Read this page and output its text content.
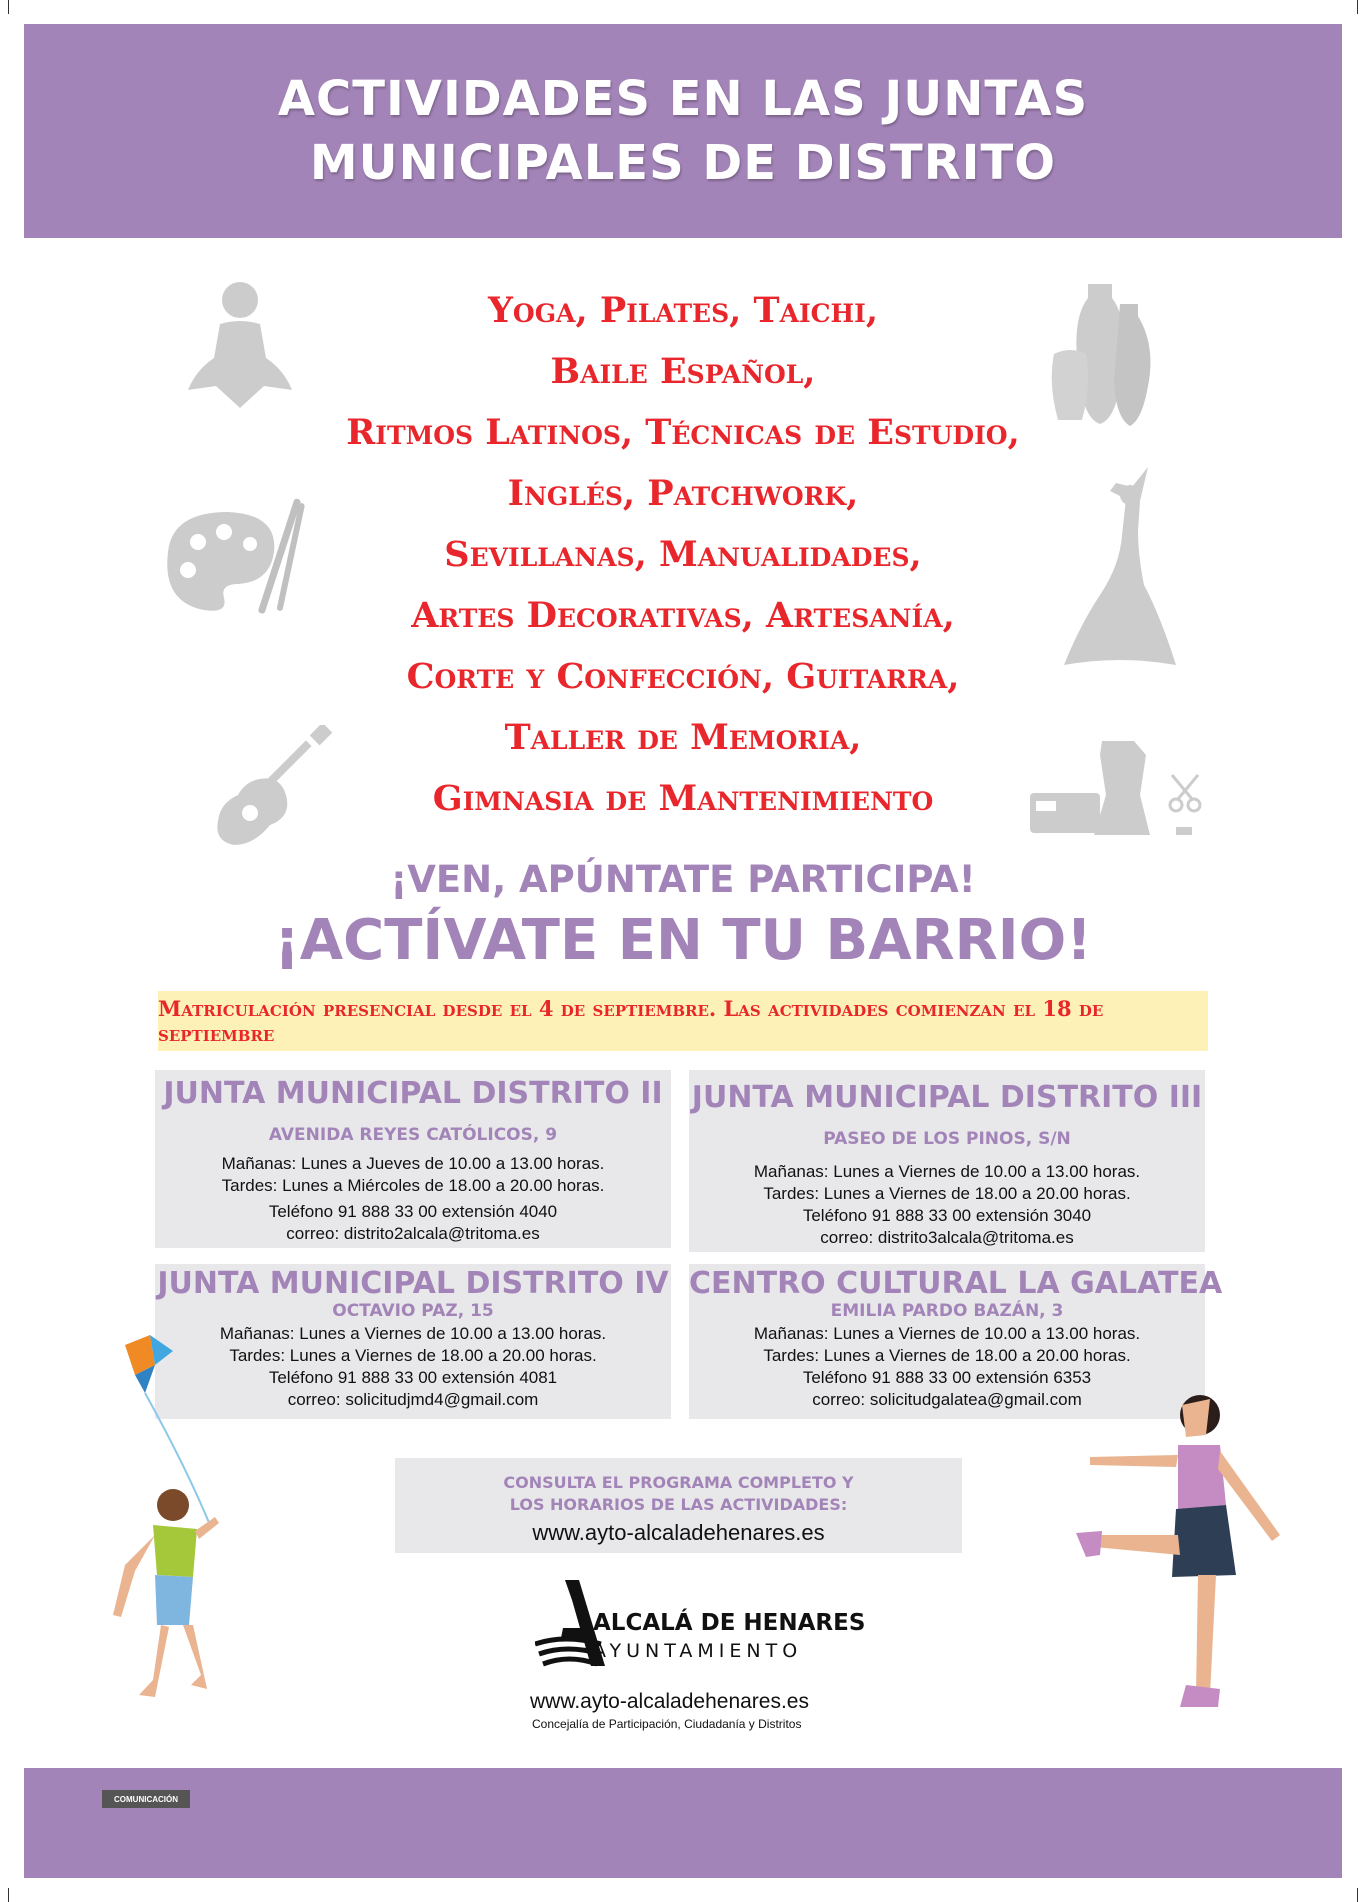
ACTIVIDADES EN LAS JUNTAS
MUNICIPALES DE DISTRITO
Yoga, Pilates, Taichi,
Baile Español,
Ritmos Latinos, Técnicas de Estudio,
Inglés, Patchwork,
Sevillanas, Manualidades,
Artes Decorativas, Artesanía,
Corte y Confección, Guitarra,
Taller de Memoria,
Gimnasia de Mantenimiento
¡VEN, APÚNTATE PARTICIPA!
¡ACTÍVATE EN TU BARRIO!
Matriculación presencial desde el 4 de septiembre. Las actividades comienzan el 18 de septiembre
JUNTA MUNICIPAL DISTRITO II
AVENIDA REYES CATÓLICOS, 9
Mañanas: Lunes a Jueves de 10.00 a 13.00 horas.
Tardes: Lunes a Miércoles de 18.00 a 20.00 horas.
Teléfono 91 888 33 00 extensión 4040
correo: distrito2alcala@tritoma.es
JUNTA MUNICIPAL DISTRITO III
PASEO DE LOS PINOS, S/N
Mañanas: Lunes a Viernes de 10.00 a 13.00 horas.
Tardes: Lunes a Viernes de 18.00 a 20.00 horas.
Teléfono 91 888 33 00 extensión 3040
correo: distrito3alcala@tritoma.es
JUNTA MUNICIPAL DISTRITO IV
OCTAVIO PAZ, 15
Mañanas: Lunes a Viernes de 10.00 a 13.00 horas.
Tardes: Lunes a Viernes de 18.00 a 20.00 horas.
Teléfono 91 888 33 00 extensión 4081
correo: solicitudjmd4@gmail.com
CENTRO CULTURAL LA GALATEA
EMILIA PARDO BAZÁN, 3
Mañanas: Lunes a Viernes de 10.00 a 13.00 horas.
Tardes: Lunes a Viernes de 18.00 a 20.00 horas.
Teléfono 91 888 33 00 extensión 6353
correo: solicitudgalatea@gmail.com
CONSULTA EL PROGRAMA COMPLETO Y
LOS HORARIOS DE LAS ACTIVIDADES:
www.ayto-alcaladehenares.es
ALCALÁ DE HENARES
AYUNTAMIENTO
www.ayto-alcaladehenares.es
Concejalía de Participación, Ciudadanía y Distritos
COMUNICACIÓN
